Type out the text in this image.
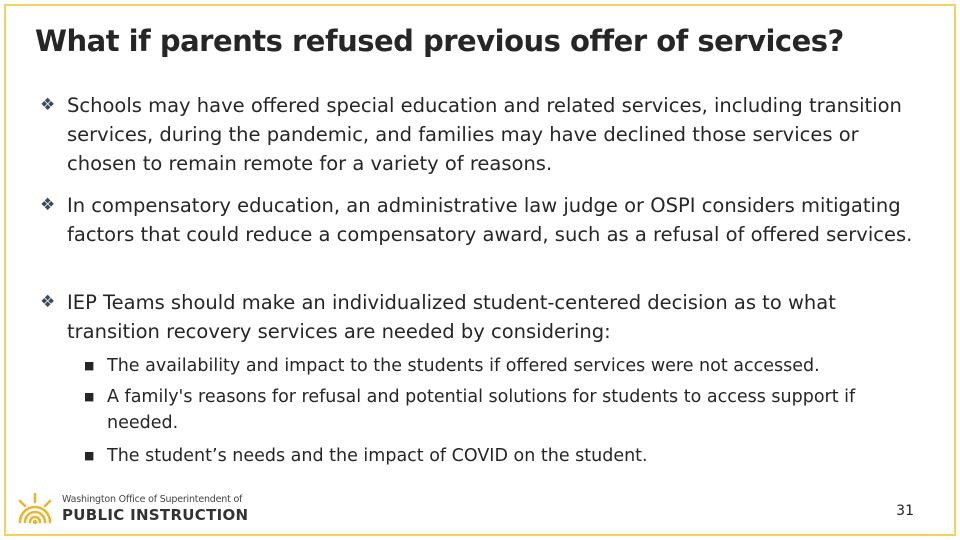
What if parents refused previous offer of services?
❖ Schools may have offered special education and related services, including transition services, during the pandemic, and families may have declined those services or chosen to remain remote for a variety of reasons.
❖ In compensatory education, an administrative law judge or OSPI considers mitigating factors that could reduce a compensatory award, such as a refusal of offered services.
❖ IEP Teams should make an individualized student-centered decision as to what transition recovery services are needed by considering:
■ The availability and impact to the students if offered services were not accessed.
■ A family's reasons for refusal and potential solutions for students to access support if needed.
■ The student’s needs and the impact of COVID on the student.
Washington Office of Superintendent of
PUBLIC INSTRUCTION	31
